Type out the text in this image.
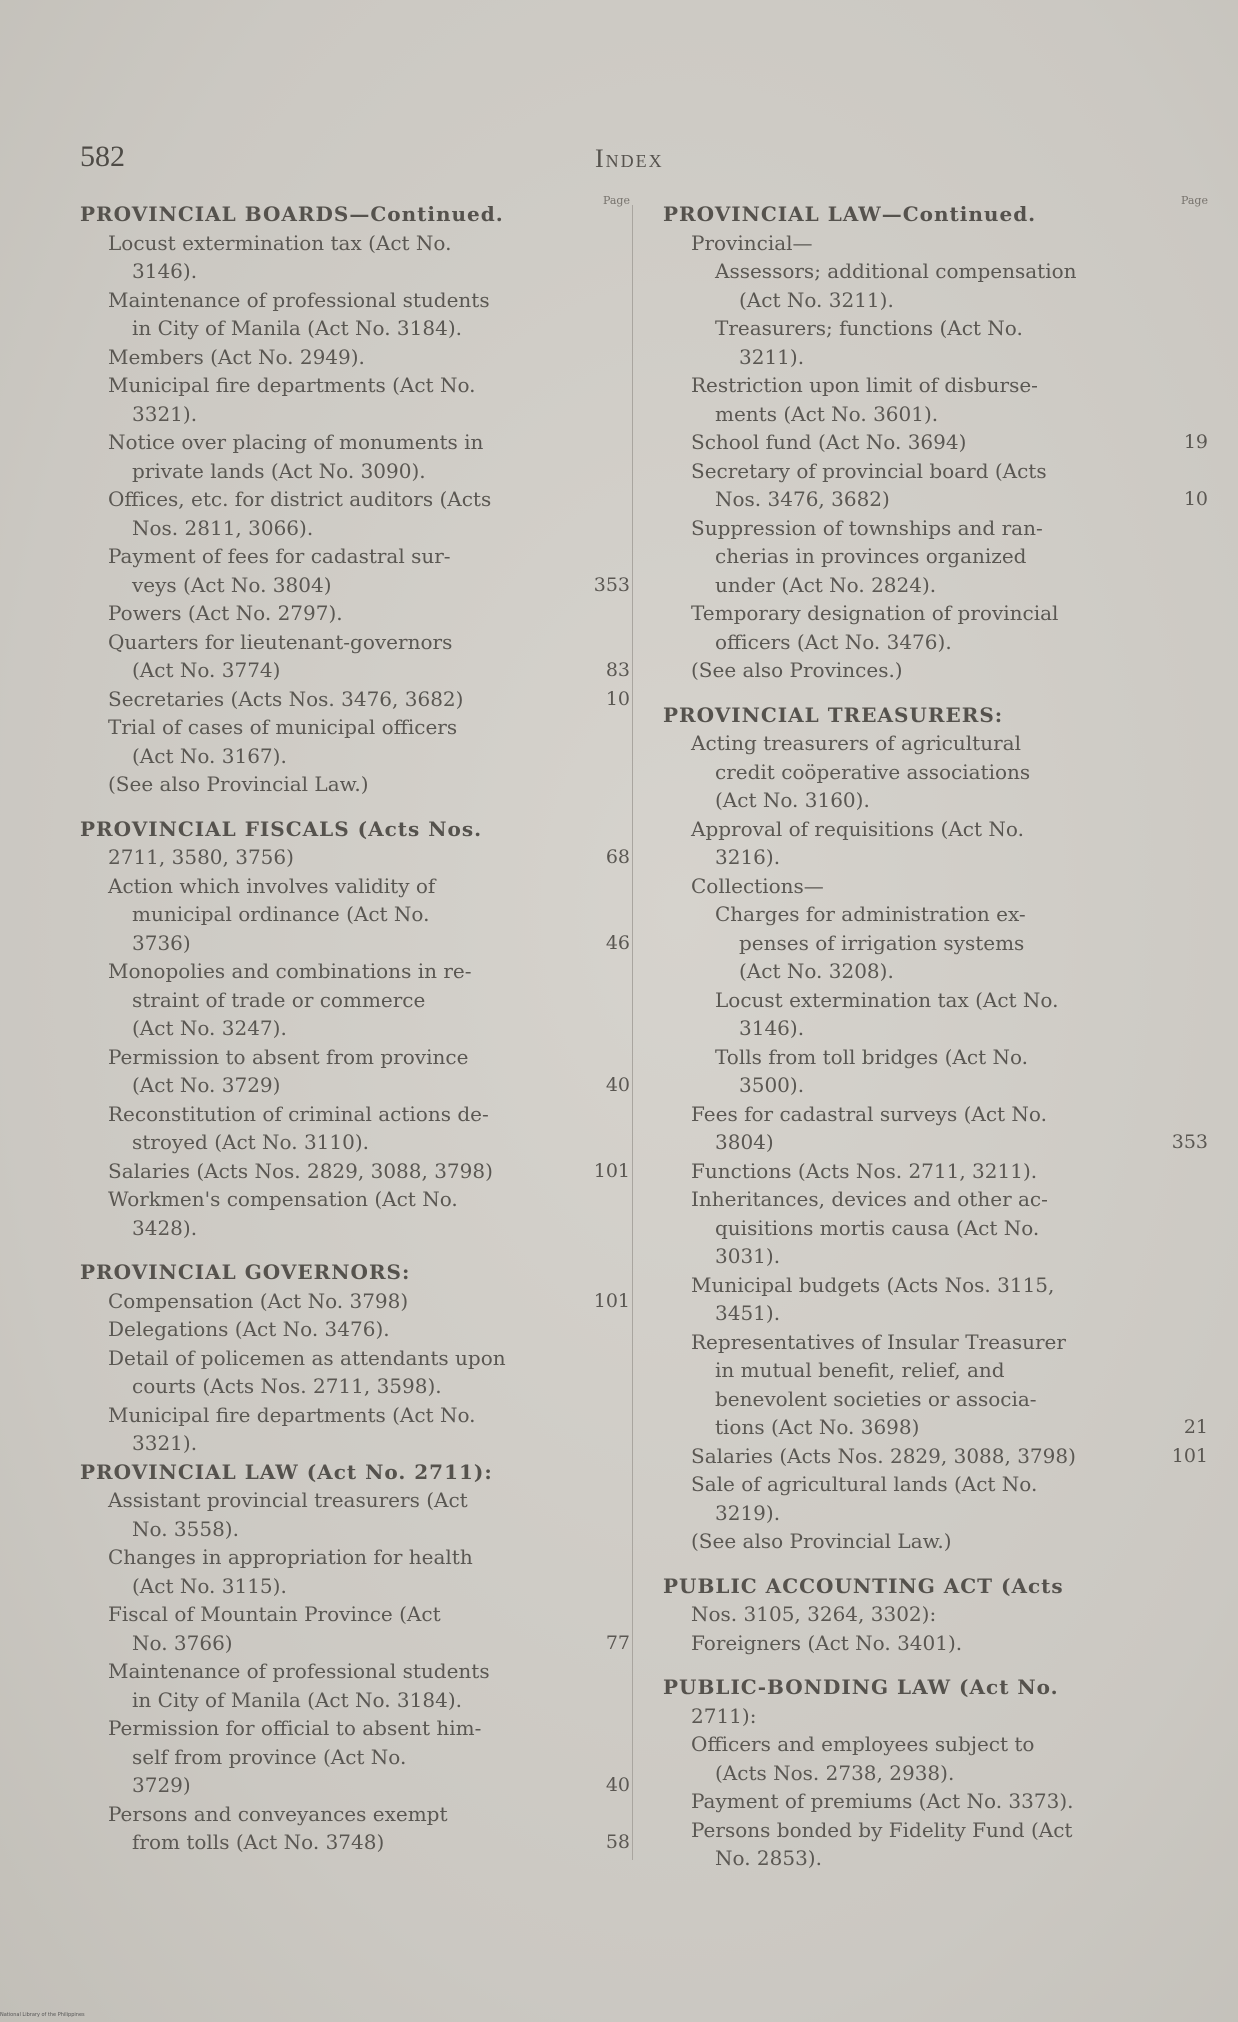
582	Index
Page
PROVINCIAL BOARDS—Continued.
Locust extermination tax (Act No.
3146).
Maintenance of professional students
in City of Manila (Act No. 3184).
Members (Act No. 2949).
Municipal fire departments (Act No.
3321).
Notice over placing of monuments in
private lands (Act No. 3090).
Offices, etc. for district auditors (Acts
Nos. 2811, 3066).
Payment of fees for cadastral sur-
veys (Act No. 3804)	353
Powers (Act No. 2797).
Quarters for lieutenant-governors
(Act No. 3774)	83
Secretaries (Acts Nos. 3476, 3682)	10
Trial of cases of municipal officers
(Act No. 3167).
(See also Provincial Law.)
PROVINCIAL FISCALS (Acts Nos.
2711, 3580, 3756)	68
Action which involves validity of
municipal ordinance (Act No.
3736)	46
Monopolies and combinations in re-
straint of trade or commerce
(Act No. 3247).
Permission to absent from province
(Act No. 3729)	40
Reconstitution of criminal actions de-
stroyed (Act No. 3110).
Salaries (Acts Nos. 2829, 3088, 3798)	101
Workmen's compensation (Act No.
3428).
PROVINCIAL GOVERNORS:
Compensation (Act No. 3798)	101
Delegations (Act No. 3476).
Detail of policemen as attendants upon
courts (Acts Nos. 2711, 3598).
Municipal fire departments (Act No.
3321).
PROVINCIAL LAW (Act No. 2711):
Assistant provincial treasurers (Act
No. 3558).
Changes in appropriation for health
(Act No. 3115).
Fiscal of Mountain Province (Act
No. 3766)	77
Maintenance of professional students
in City of Manila (Act No. 3184).
Permission for official to absent him-
self from province (Act No.
3729)	40
Persons and conveyances exempt
from tolls (Act No. 3748)	58
Page
PROVINCIAL LAW—Continued.
Provincial—
Assessors; additional compensation
(Act No. 3211).
Treasurers; functions (Act No.
3211).
Restriction upon limit of disburse-
ments (Act No. 3601).
School fund (Act No. 3694)	19
Secretary of provincial board (Acts
Nos. 3476, 3682)	10
Suppression of townships and ran-
cherias in provinces organized
under (Act No. 2824).
Temporary designation of provincial
officers (Act No. 3476).
(See also Provinces.)
PROVINCIAL TREASURERS:
Acting treasurers of agricultural
credit coöperative associations
(Act No. 3160).
Approval of requisitions (Act No.
3216).
Collections—
Charges for administration ex-
penses of irrigation systems
(Act No. 3208).
Locust extermination tax (Act No.
3146).
Tolls from toll bridges (Act No.
3500).
Fees for cadastral surveys (Act No.
3804)	353
Functions (Acts Nos. 2711, 3211).
Inheritances, devices and other ac-
quisitions mortis causa (Act No.
3031).
Municipal budgets (Acts Nos. 3115,
3451).
Representatives of Insular Treasurer
in mutual benefit, relief, and
benevolent societies or associa-
tions (Act No. 3698)	21
Salaries (Acts Nos. 2829, 3088, 3798)	101
Sale of agricultural lands (Act No.
3219).
(See also Provincial Law.)
PUBLIC ACCOUNTING ACT (Acts
Nos. 3105, 3264, 3302):
Foreigners (Act No. 3401).
PUBLIC-BONDING LAW (Act No.
2711):
Officers and employees subject to
(Acts Nos. 2738, 2938).
Payment of premiums (Act No. 3373).
Persons bonded by Fidelity Fund (Act
No. 2853).
National Library of the Philippines
